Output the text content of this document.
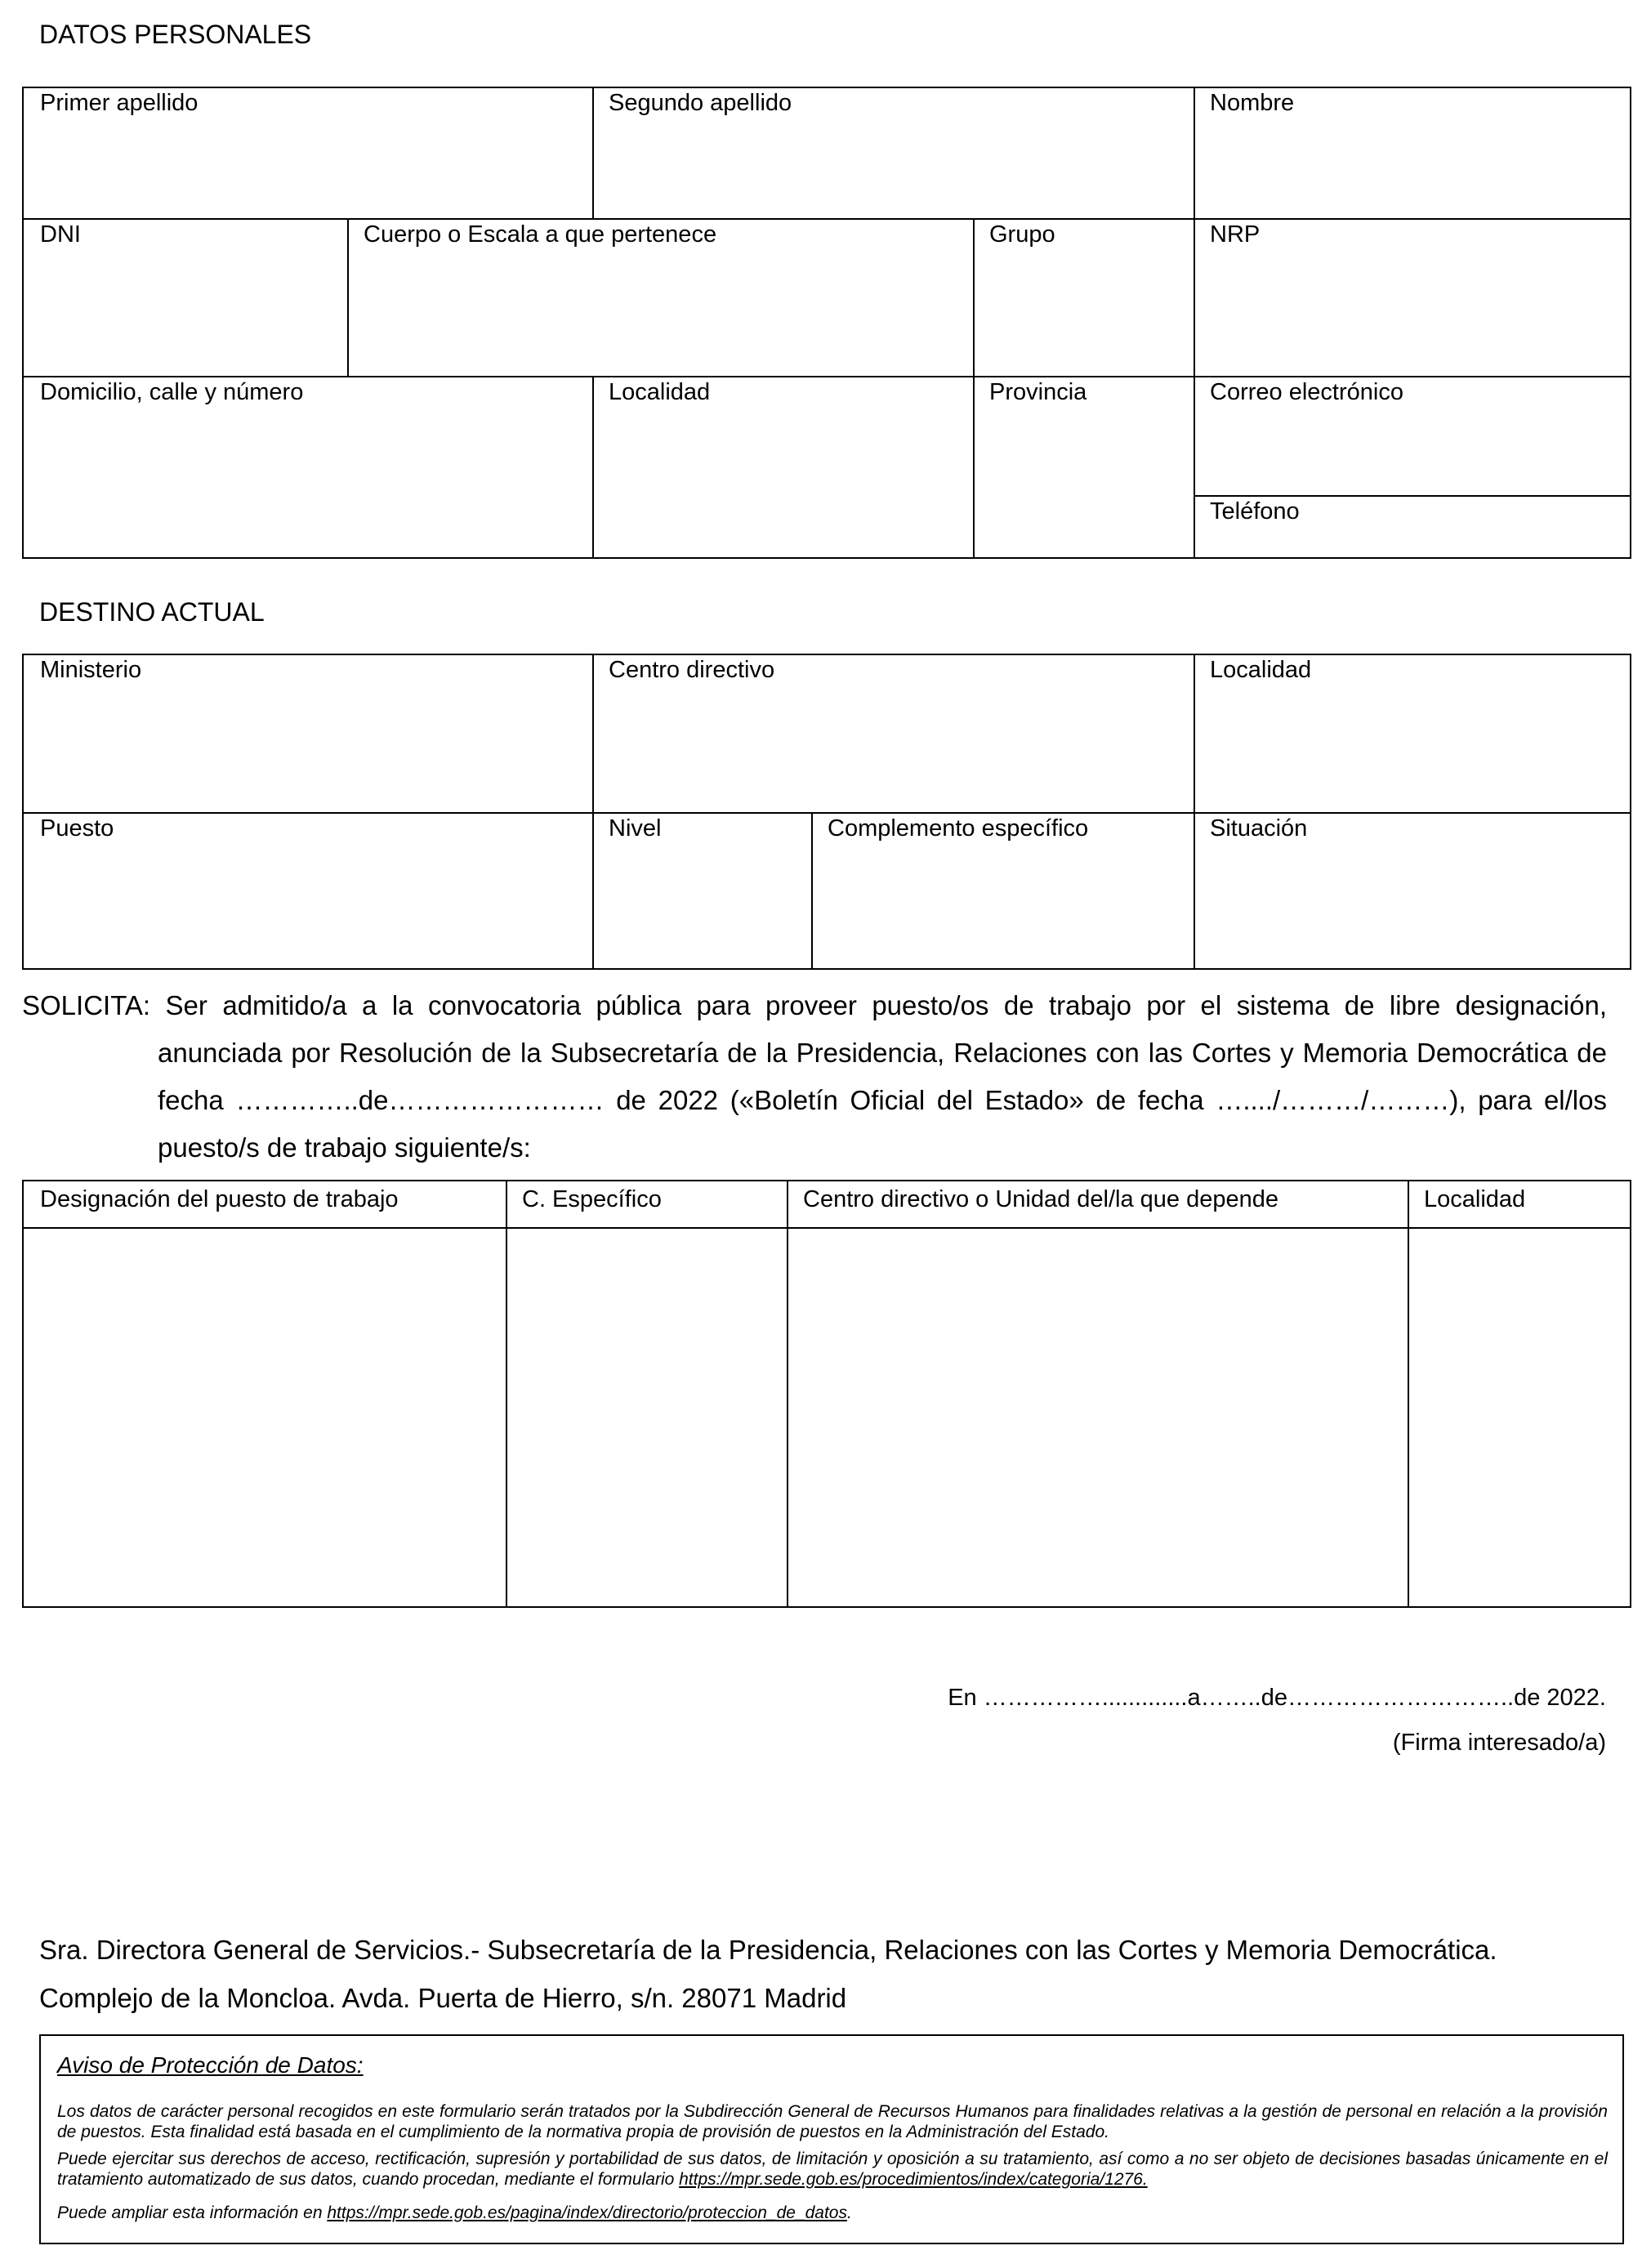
DATOS PERSONALES
Primer apellido	Segundo apellido	Nombre
DNI	Cuerpo o Escala a que pertenece	Grupo	NRP
Domicilio, calle y número	Localidad	Provincia	Correo electrónico
Teléfono
DESTINO ACTUAL
Ministerio	Centro directivo	Localidad
Puesto	Nivel	Complemento específico	Situación
SOLICITA: Ser admitido/a a la convocatoria pública para proveer puesto/os de trabajo por el sistema de libre designación,
anunciada por Resolución de la Subsecretaría de la Presidencia, Relaciones con las Cortes y Memoria Democrática de
fecha …………..de…………………… de 2022 («Boletín Oficial del Estado» de fecha …..../………/………), para el/los
puesto/s de trabajo siguiente/s:
Designación del puesto de trabajo	C. Específico	Centro directivo o Unidad del/la que depende	Localidad
En …………….............a……..de………………………..de 2022.
(Firma interesado/a)
Sra. Directora General de Servicios.- Subsecretaría de la Presidencia, Relaciones con las Cortes y Memoria Democrática.
Complejo de la Moncloa. Avda. Puerta de Hierro, s/n. 28071 Madrid
Aviso de Protección de Datos:
Los datos de carácter personal recogidos en este formulario serán tratados por la Subdirección General de Recursos Humanos para finalidades relativas a la gestión de personal en relación a la provisión de puestos. Esta finalidad está basada en el cumplimiento de la normativa propia de provisión de puestos en la Administración del Estado.
Puede ejercitar sus derechos de acceso, rectificación, supresión y portabilidad de sus datos, de limitación y oposición a su tratamiento, así como a no ser objeto de decisiones basadas únicamente en el tratamiento automatizado de sus datos, cuando procedan, mediante el formulario https://mpr.sede.gob.es/procedimientos/index/categoria/1276.
Puede ampliar esta información en https://mpr.sede.gob.es/pagina/index/directorio/proteccion_de_datos.
